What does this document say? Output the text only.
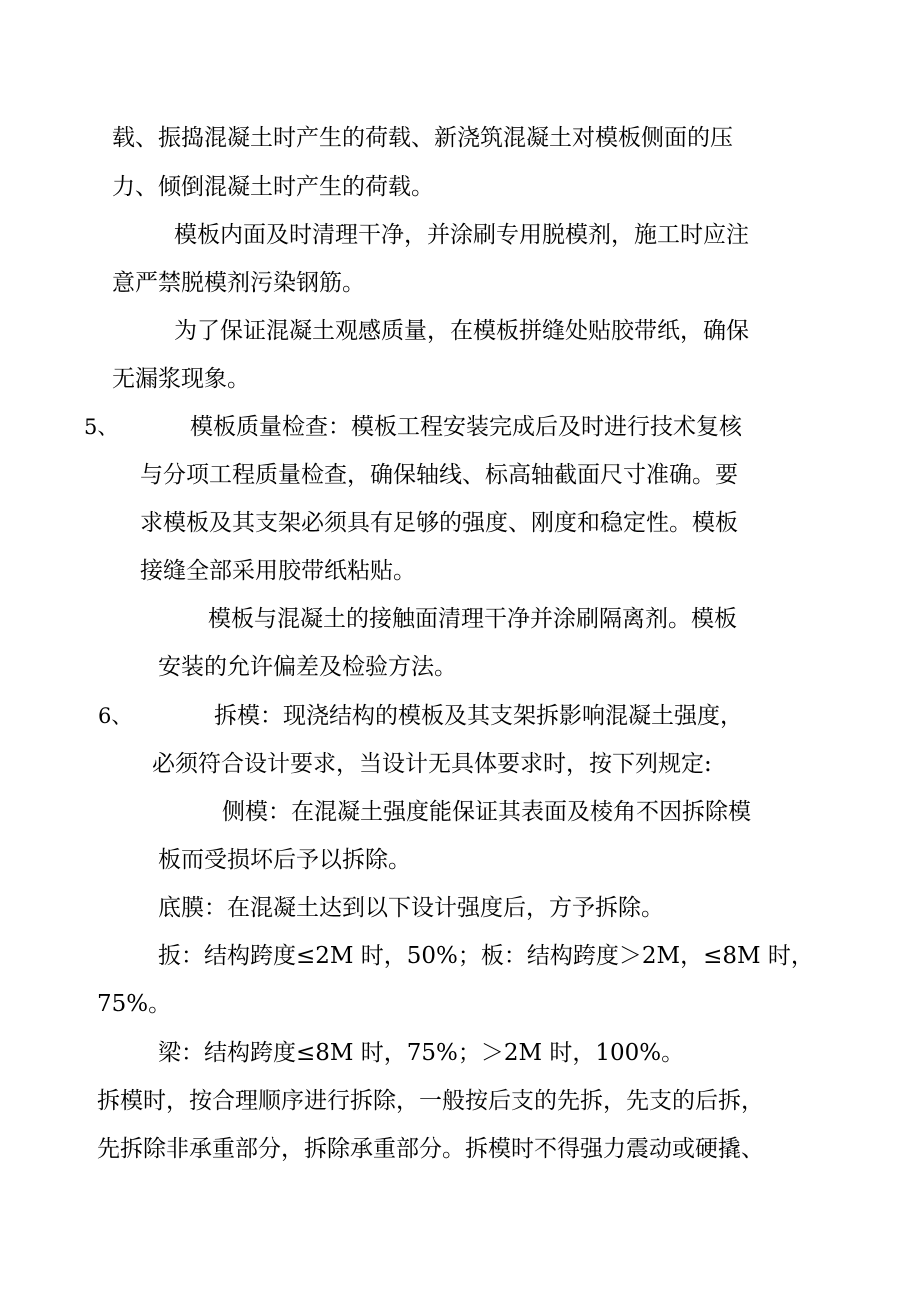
载、振捣混凝土时产生的荷载、新浇筑混凝土对模板侧面的压

力、倾倒混凝土时产生的荷载。

模板内面及时清理干净，并涂刷专用脱模剂，施工时应注

意严禁脱模剂污染钢筋。

为了保证混凝土观感质量，在模板拼缝处贴胶带纸，确保

无漏浆现象。

5、	模板质量检查：模板工程安装完成后及时进行技术复核

与分项工程质量检查，确保轴线、标高轴截面尺寸准确。要

求模板及其支架必须具有足够的强度、刚度和稳定性。模板

接缝全部采用胶带纸粘贴。

模板与混凝土的接触面清理干净并涂刷隔离剂。模板

安装的允许偏差及检验方法。

6、	拆模：现浇结构的模板及其支架拆影响混凝土强度，

必须符合设计要求，当设计无具体要求时，按下列规定:

侧模：在混凝土强度能保证其表面及棱角不因拆除模

板而受损坏后予以拆除。

底膜：在混凝土达到以下设计强度后，方予拆除。

扳：结构跨度≤2M 时，50%；板：结构跨度＞2M，≤8M 时，

75%。

梁：结构跨度≤8M 时，75%；＞2M 时，100%。

拆模时，按合理顺序进行拆除，一般按后支的先拆，先支的后拆，

先拆除非承重部分，拆除承重部分。拆模时不得强力震动或硬撬、
